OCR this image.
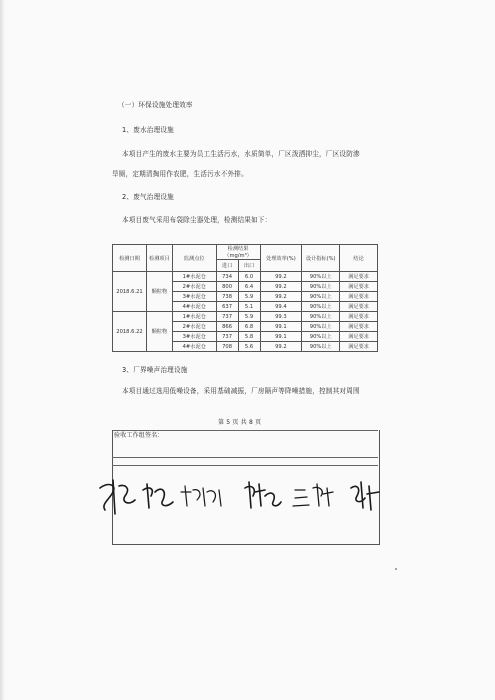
（一）环保设施处理效率
1、废水治理设施
本项目产生的废水主要为员工生活污水，水质简单，厂区泼洒抑尘，厂区设防渗
旱厕，定期清掏用作农肥，生活污水不外排。
2、废气治理设施
本项目废气采用布袋除尘器处理，检测结果如下：
检测日期	检测项目	监测点位	检测结果（mg/m³）		处理效率(%)	设计指标(%)	结论
			进口	出口			
2018.6.21	颗粒物	1#水泥仓	734	6.0	99.2	90%以上	满足要求
		2#水泥仓	800	6.4	99.2	90%以上	满足要求
		3#水泥仓	738	5.9	99.2	90%以上	满足要求
		4#水泥仓	637	5.1	99.4	90%以上	满足要求
2018.6.22	颗粒物	1#水泥仓	737	5.9	99.3	90%以上	满足要求
		2#水泥仓	866	6.8	99.1	90%以上	满足要求
		3#水泥仓	737	5.8	99.1	90%以上	满足要求
		4#水泥仓	708	5.6	99.2	90%以上	满足要求
3、厂界噪声治理设施
本项目通过选用低噪设备，采用基础减振，厂房隔声等降噪措施，控制其对周围
第 5 页 共 8 页
验收工作组签名：
